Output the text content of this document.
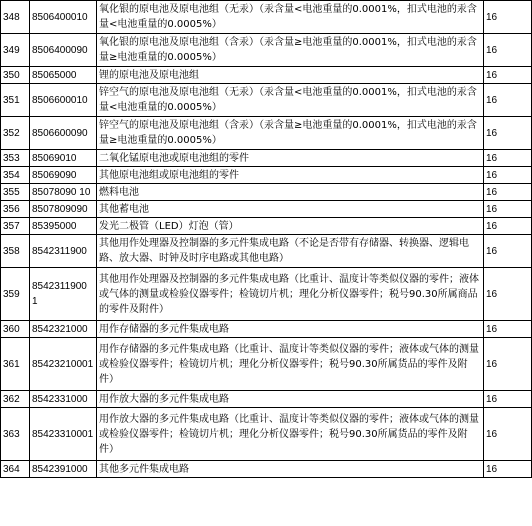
348	8506400010	氧化银的原电池及原电池组（无汞）（汞含量<电池重量的0.0001%，扣式电池的汞含量<电池重量的0.0005%）	16
349	8506400090	氧化银的原电池及原电池组（含汞）（汞含量≥电池重量的0.0001%，扣式电池的汞含量≥电池重量的0.0005%）	16
350	85065000	锂的原电池及原电池组	16
351	8506600010	锌空气的原电池及原电池组（无汞）（汞含量<电池重量的0.0001%，扣式电池的汞含量<电池重量的0.0005%）	16
352	8506600090	锌空气的原电池及原电池组（含汞）（汞含量≥电池重量的0.0001%，扣式电池的汞含量≥电池重量的0.0005%）	16
353	85069010	二氧化锰原电池或原电池组的零件	16
354	85069090	其他原电池组或原电池组的零件	16
355	85078090 10	燃料电池	16
356	8507809090	其他蓄电池	16
357	85395000	发光二极管（LED）灯泡（管）	16
358	8542311900	其他用作处理器及控制器的多元件集成电路（不论是否带有存储器、转换器、逻辑电路、放大器、时钟及时序电路或其他电路）	16
359	8542311900 1	其他用作处理器及控制器的多元件集成电路（比重计、温度计等类似仪器的零件；液体或气体的测量或检验仪器零件；检镜切片机；理化分析仪器零件；税号90.30所属商品的零件及附件）	16
360	8542321000	用作存储器的多元件集成电路	16
361	85423210001	用作存储器的多元件集成电路（比重计、温度计等类似仪器的零件；液体或气体的测量或检验仪器零件；检镜切片机；理化分析仪器零件；税号90.30所属货品的零件及附件）	16
362	8542331000	用作放大器的多元件集成电路	16
363	85423310001	用作放大器的多元件集成电路（比重计、温度计等类似仪器的零件；液体或气体的测量或检验仪器零件；检镜切片机；理化分析仪器零件；税号90.30所属货品的零件及附件）	16
364	8542391000	其他多元件集成电路	16
